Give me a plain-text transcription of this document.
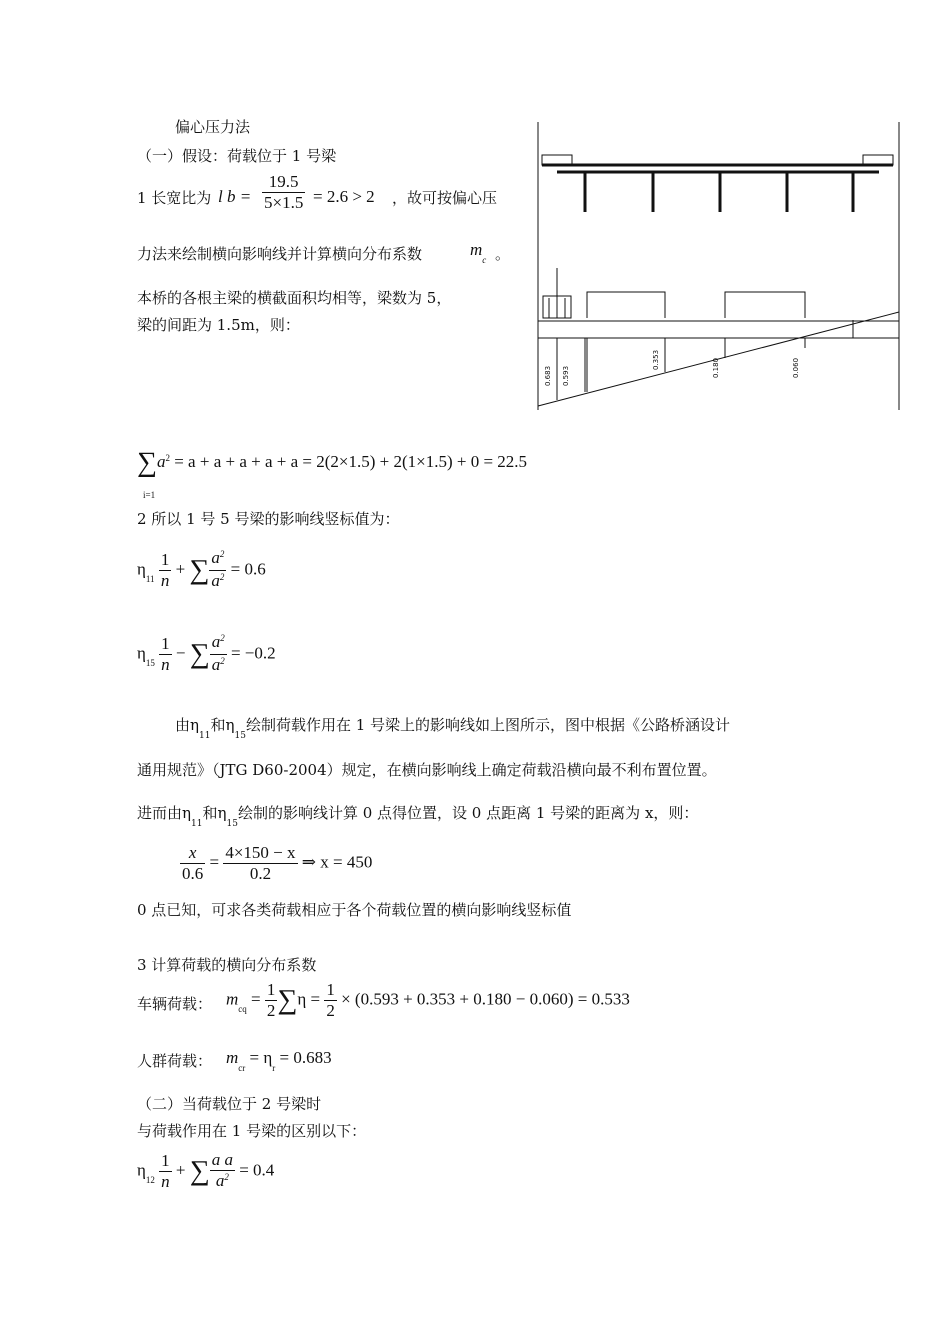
偏心压力法
（一）假设：荷载位于 1 号梁
1 长宽比为 l $b = \frac{19.5}{5\times 1.5} = 2.6 > 2$ ，故可按偏心压
力法来绘制横向影响线并计算横向分布系数	$m_c$ 。
本桥的各根主梁的横截面积均相等，梁数为 5，
梁的间距为 1.5m，则：
0.683 0.593
0.353	0.180	0.060
$\sum a^2 = a + a + a + a + a = 2(2\times 1.5) + 2(1\times 1.5) + 0 = 22.5$
i=1
2 所以 1 号 5 号梁的影响线竖标值为：
$\eta_{11} \frac{1}{n}$ + ∑ $\frac{a^2}{a^2} = 0.6$
$\eta_{15} \frac{1}{n}$ − ∑ $\frac{a^2}{a^2} = -0.2$
由$\eta_{11}$和$\eta_{15}$绘制荷载作用在 1 号梁上的影响线如上图所示，图中根据《公路桥涵设计
通用规范》（JTG D60-2004）规定，在横向影响线上确定荷载沿横向最不利布置位置。
进而由$\eta_{11}$和$\eta_{15}$绘制的影响线计算 0 点得位置，设 0 点距离 1 号梁的距离为 x，则：
$\frac{x}{0.6} = \frac{4\times 150 - x}{0.2}$ ⇒ x = 450
0 点已知，可求各类荷载相应于各个荷载位置的横向影响线竖标值
3 计算荷载的横向分布系数
车辆荷载： $m_{cq} = \frac{1}{2} \sum\eta = \frac{1}{2} \times (0.593 + 0.353 + 0.180 - 0.060) = 0.533$
人群荷载： $m_{cr} = \eta_r = 0.683$
（二）当荷载位于 2 号梁时
与荷载作用在 1 号梁的区别以下：
$\eta_{12} \frac{1}{n}$ + ∑ $\frac{\text{a a}}{a^2} = 0.4$
